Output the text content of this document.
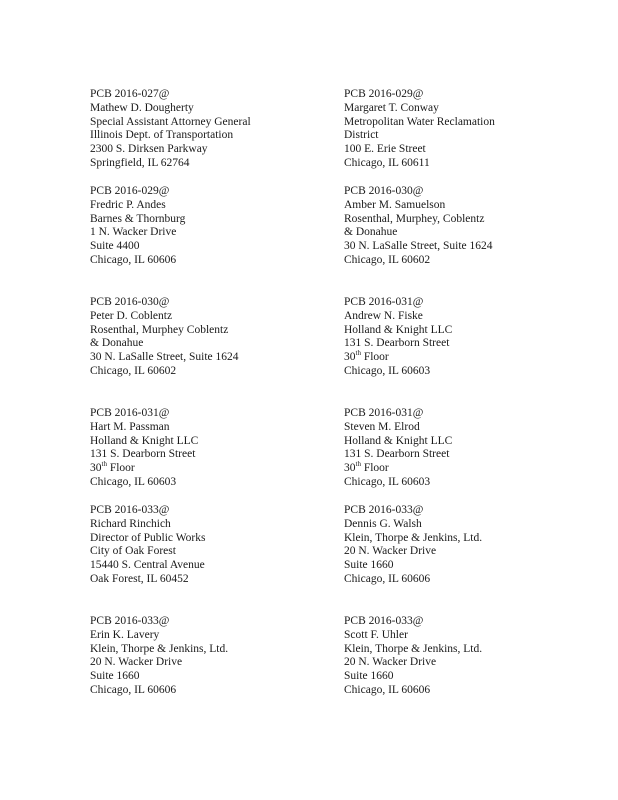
PCB 2016-027@
Mathew D. Dougherty
Special Assistant Attorney General
Illinois Dept. of Transportation
2300 S. Dirksen Parkway
Springfield, IL 62764
PCB 2016-029@
Margaret T. Conway
Metropolitan Water Reclamation
District
100 E. Erie Street
Chicago, IL 60611
PCB 2016-029@
Fredric P. Andes
Barnes & Thornburg
1 N. Wacker Drive
Suite 4400
Chicago, IL 60606
PCB 2016-030@
Amber M. Samuelson
Rosenthal, Murphey, Coblentz
& Donahue
30 N. LaSalle Street, Suite 1624
Chicago, IL 60602
PCB 2016-030@
Peter D. Coblentz
Rosenthal, Murphey Coblentz
& Donahue
30 N. LaSalle Street, Suite 1624
Chicago, IL 60602
PCB 2016-031@
Andrew N. Fiske
Holland & Knight LLC
131 S. Dearborn Street
30th Floor
Chicago, IL 60603
PCB 2016-031@
Hart M. Passman
Holland & Knight LLC
131 S. Dearborn Street
30th Floor
Chicago, IL 60603
PCB 2016-031@
Steven M. Elrod
Holland & Knight LLC
131 S. Dearborn Street
30th Floor
Chicago, IL 60603
PCB 2016-033@
Richard Rinchich
Director of Public Works
City of Oak Forest
15440 S. Central Avenue
Oak Forest, IL 60452
PCB 2016-033@
Dennis G. Walsh
Klein, Thorpe & Jenkins, Ltd.
20 N. Wacker Drive
Suite 1660
Chicago, IL 60606
PCB 2016-033@
Erin K. Lavery
Klein, Thorpe & Jenkins, Ltd.
20 N. Wacker Drive
Suite 1660
Chicago, IL 60606
PCB 2016-033@
Scott F. Uhler
Klein, Thorpe & Jenkins, Ltd.
20 N. Wacker Drive
Suite 1660
Chicago, IL 60606
